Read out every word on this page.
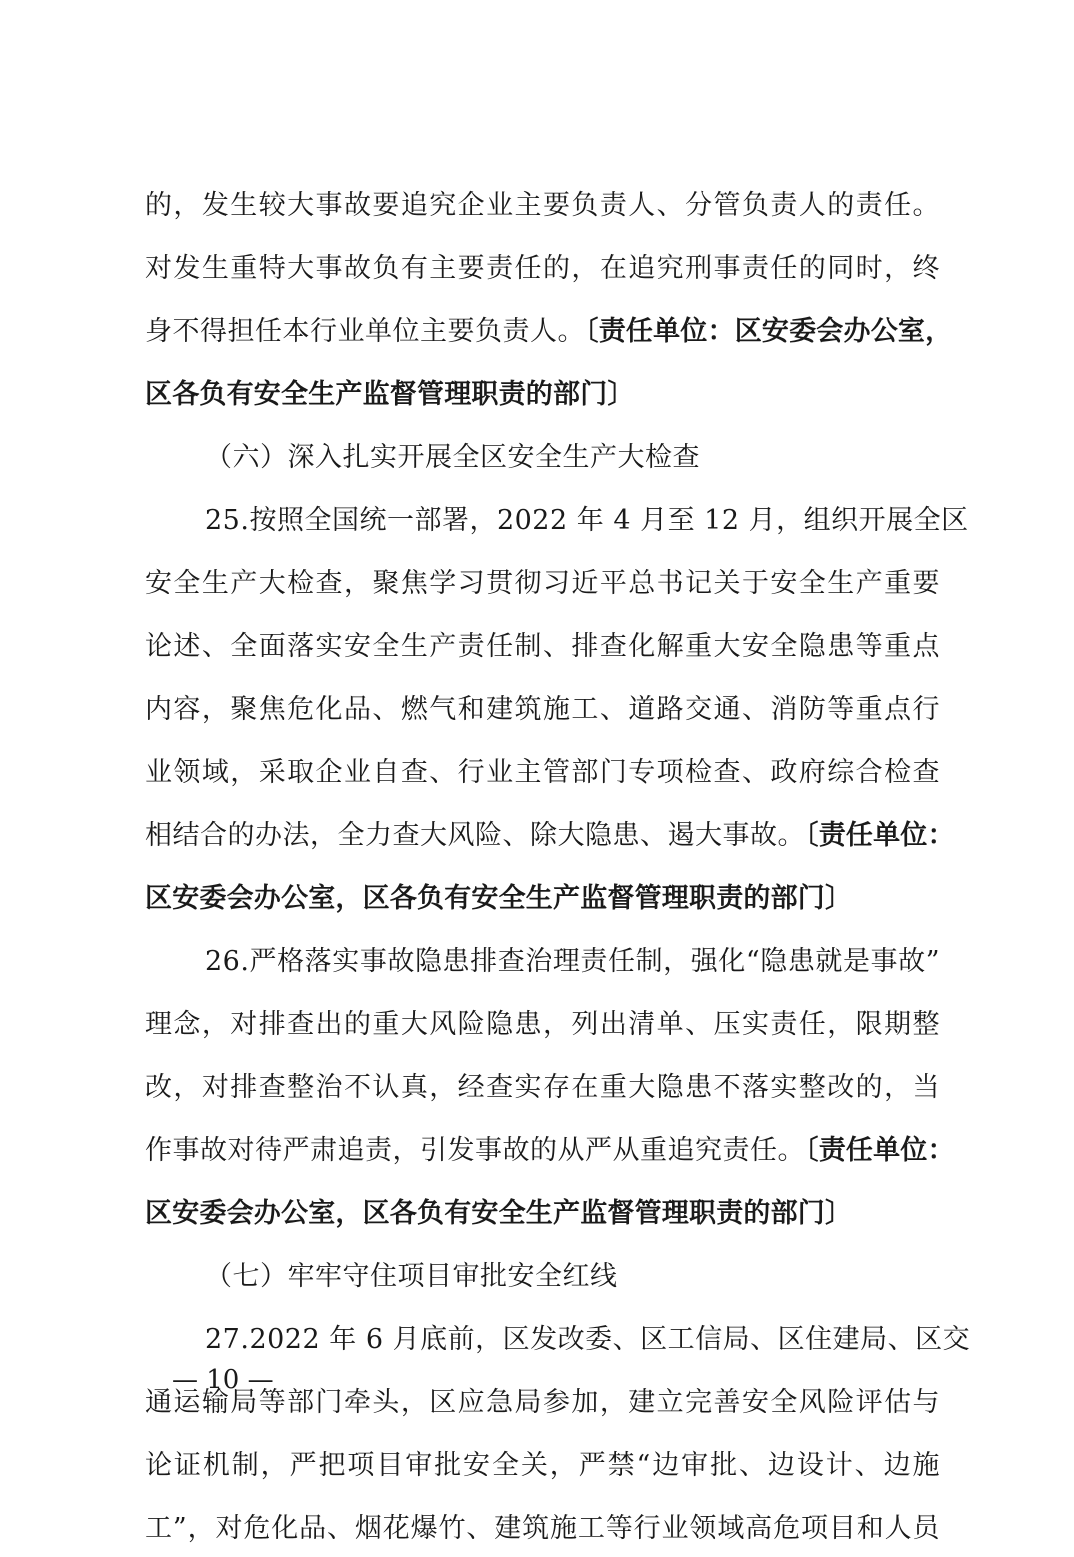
的，发生较大事故要追究企业主要负责人、分管负责人的责任。
对发生重特大事故负有主要责任的，在追究刑事责任的同时，终
身不得担任本行业单位主要负责人。〔责任单位：区安委会办公室，
区各负有安全生产监督管理职责的部门〕
（六）深入扎实开展全区安全生产大检查
25.按照全国统一部署，2022 年 4 月至 12 月，组织开展全区
安全生产大检查，聚焦学习贯彻习近平总书记关于安全生产重要
论述、全面落实安全生产责任制、排查化解重大安全隐患等重点
内容，聚焦危化品、燃气和建筑施工、道路交通、消防等重点行
业领域，采取企业自查、行业主管部门专项检查、政府综合检查
相结合的办法，全力查大风险、除大隐患、遏大事故。〔责任单位：
区安委会办公室，区各负有安全生产监督管理职责的部门〕
26.严格落实事故隐患排查治理责任制，强化“隐患就是事故”
理念，对排查出的重大风险隐患，列出清单、压实责任，限期整
改，对排查整治不认真，经查实存在重大隐患不落实整改的，当
作事故对待严肃追责，引发事故的从严从重追究责任。〔责任单位：
区安委会办公室，区各负有安全生产监督管理职责的部门〕
（七）牢牢守住项目审批安全红线
27.2022 年 6 月底前，区发改委、区工信局、区住建局、区交
通运输局等部门牵头，区应急局参加，建立完善安全风险评估与
论证机制，严把项目审批安全关，严禁“边审批、边设计、边施
工”，对危化品、烟花爆竹、建筑施工等行业领域高危项目和人员
— 10 —
